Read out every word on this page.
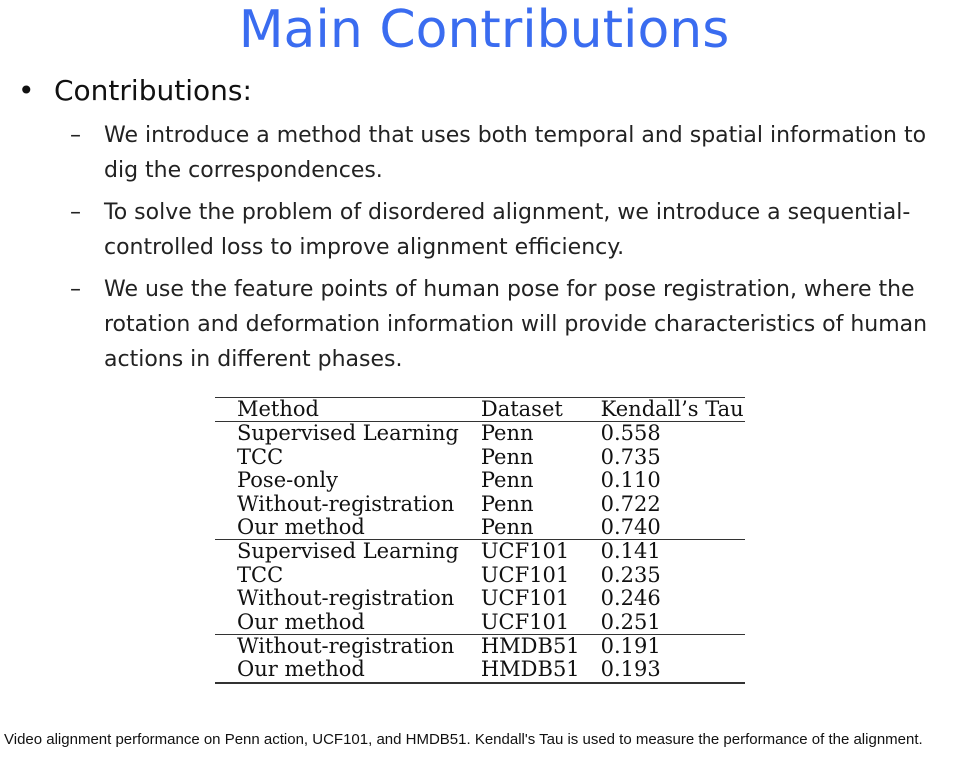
Main Contributions
• Contributions:
–	We introduce a method that uses both temporal and spatial information to dig the correspondences.
–	To solve the problem of disordered alignment, we introduce a sequential-controlled loss to improve alignment efficiency.
–	We use the feature points of human pose for pose registration, where the rotation and deformation information will provide characteristics of human actions in different phases.
Method	Dataset	Kendall’s Tau
Supervised Learning	Penn	0.558
TCC	Penn	0.735
Pose-only	Penn	0.110
Without-registration	Penn	0.722
Our method	Penn	0.740
Supervised Learning	UCF101	0.141
TCC	UCF101	0.235
Without-registration	UCF101	0.246
Our method	UCF101	0.251
Without-registration	HMDB51	0.191
Our method	HMDB51	0.193
Video alignment performance on Penn action, UCF101, and HMDB51. Kendall's Tau is used to measure the performance of the alignment.
